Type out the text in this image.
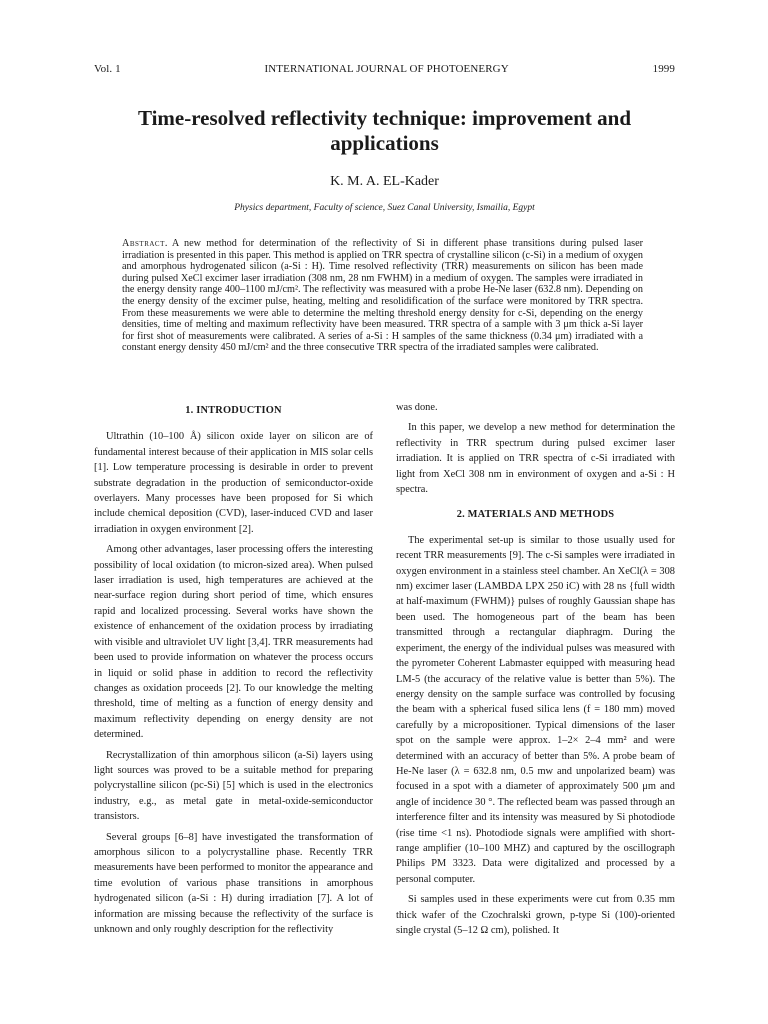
Vol. 1	INTERNATIONAL JOURNAL OF PHOTOENERGY	1999
Time-resolved reflectivity technique: improvement and applications
K. M. A. EL-Kader
Physics department, Faculty of science, Suez Canal University, Ismailia, Egypt
Abstract. A new method for determination of the reflectivity of Si in different phase transitions during pulsed laser irradiation is presented in this paper. This method is applied on TRR spectra of crystalline silicon (c-Si) in a medium of oxygen and amorphous hydrogenated silicon (a-Si : H). Time resolved reflectivity (TRR) measurements on silicon has been made during pulsed XeCl excimer laser irradiation (308 nm, 28 nm FWHM) in a medium of oxygen. The samples were irradiated in the energy density range 400–1100 mJ/cm². The reflectivity was measured with a probe He-Ne laser (632.8 nm). Depending on the energy density of the excimer pulse, heating, melting and resolidification of the surface were monitored by TRR spectra. From these measurements we were able to determine the melting threshold energy density for c-Si, depending on the energy densities, time of melting and maximum reflectivity have been measured. TRR spectra of a sample with 3 μm thick a-Si layer for first shot of measurements were calibrated. A series of a-Si : H samples of the same thickness (0.34 μm) irradiated with a constant energy density 450 mJ/cm² and the three consecutive TRR spectra of the irradiated samples were calibrated.
1. INTRODUCTION

Ultrathin (10–100 Å) silicon oxide layer on silicon are of fundamental interest because of their application in MIS solar cells [1]. Low temperature processing is desirable in order to prevent substrate degradation in the production of semiconductor-oxide overlayers. Many processes have been proposed for Si which include chemical deposition (CVD), laser-induced CVD and laser irradiation in oxygen environment [2].

Among other advantages, laser processing offers the interesting possibility of local oxidation (to micron-sized area). When pulsed laser irradiation is used, high temperatures are achieved at the near-surface region during short period of time, which ensures rapid and localized processing. Several works have shown the existence of enhancement of the oxidation process by irradiating with visible and ultraviolet UV light [3,4]. TRR measurements had been used to provide information on whatever the process occurs in liquid or solid phase in addition to record the reflectivity changes as oxidation proceeds [2]. To our knowledge the melting threshold, time of melting as a function of energy density and maximum reflectivity depending on energy density are not determined.

Recrystallization of thin amorphous silicon (a-Si) layers using light sources was proved to be a suitable method for preparing polycrystalline silicon (pc-Si) [5] which is used in the electronics industry, e.g., as metal gate in metal-oxide-semiconductor transistors.

Several groups [6–8] have investigated the transformation of amorphous silicon to a polycrystalline phase. Recently TRR measurements have been performed to monitor the appearance and time evolution of various phase transitions in amorphous hydrogenated silicon (a-Si : H) during irradiation [7]. A lot of information are missing because the reflectivity of the surface is unknown and only roughly description for the reflectivity

was done.

In this paper, we develop a new method for determination the reflectivity in TRR spectrum during pulsed excimer laser irradiation. It is applied on TRR spectra of c-Si irradiated with light from XeCl 308 nm in environment of oxygen and a-Si : H spectra.

2. MATERIALS AND METHODS

The experimental set-up is similar to those usually used for recent TRR measurements [9]. The c-Si samples were irradiated in oxygen environment in a stainless steel chamber. An XeCl(λ = 308 nm) excimer laser (LAMBDA LPX 250 iC) with 28 ns {full width at half-maximum (FWHM)} pulses of roughly Gaussian shape has been used. The homogeneous part of the beam has been transmitted through a rectangular diaphragm. During the experiment, the energy of the individual pulses was measured with the pyrometer Coherent Labmaster equipped with measuring head LM-5 (the accuracy of the relative value is better than 5%). The energy density on the sample surface was controlled by focusing the beam with a spherical fused silica lens (f = 180 mm) moved carefully by a micropositioner. Typical dimensions of the laser spot on the sample were approx. 1–2× 2–4 mm² and were determined with an accuracy of better than 5%. A probe beam of He-Ne laser (λ = 632.8 nm, 0.5 mw and unpolarized beam) was focused in a spot with a diameter of approximately 500 μm and angle of incidence 30 °. The reflected beam was passed through an interference filter and its intensity was measured by Si photodiode (rise time <1 ns). Photodiode signals were amplified with short-range amplifier (10–100 MHZ) and captured by the oscillograph Philips PM 3323. Data were digitalized and processed by a personal computer.

Si samples used in these experiments were cut from 0.35 mm thick wafer of the Czochralski grown, p-type Si (100)-oriented single crystal (5–12 Ω cm), polished. It
